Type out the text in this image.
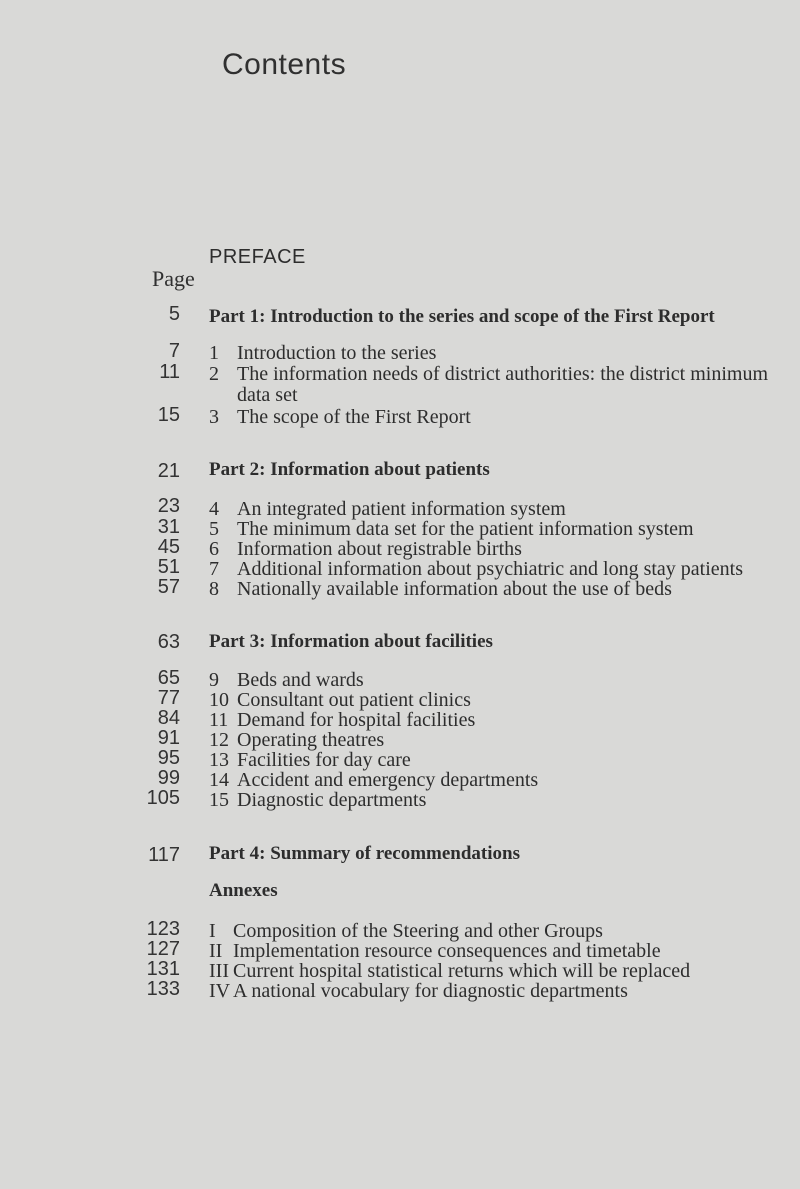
Contents
Page
5
PREFACE
Part 1: Introduction to the series and scope of the First Report
7 1 Introduction to the series
11 2 The information needs of district authorities: the district minimum
data set
15 3 The scope of the First Report
21 Part 2: Information about patients
23 4 An integrated patient information system
31 5 The minimum data set for the patient information system
45 6 Information about registrable births
51 7 Additional information about psychiatric and long stay patients
57 8 Nationally available information about the use of beds
63 Part 3: Information about facilities
65 9 Beds and wards
77 10 Consultant out patient clinics
84 11 Demand for hospital facilities
91 12 Operating theatres
95 13 Facilities for day care
99 14 Accident and emergency departments
105 15 Diagnostic departments
117 Part 4: Summary of recommendations
Annexes
123 I Composition of the Steering and other Groups
127 II Implementation resource consequences and timetable
131 III Current hospital statistical returns which will be replaced
133 IV A national vocabulary for diagnostic departments
